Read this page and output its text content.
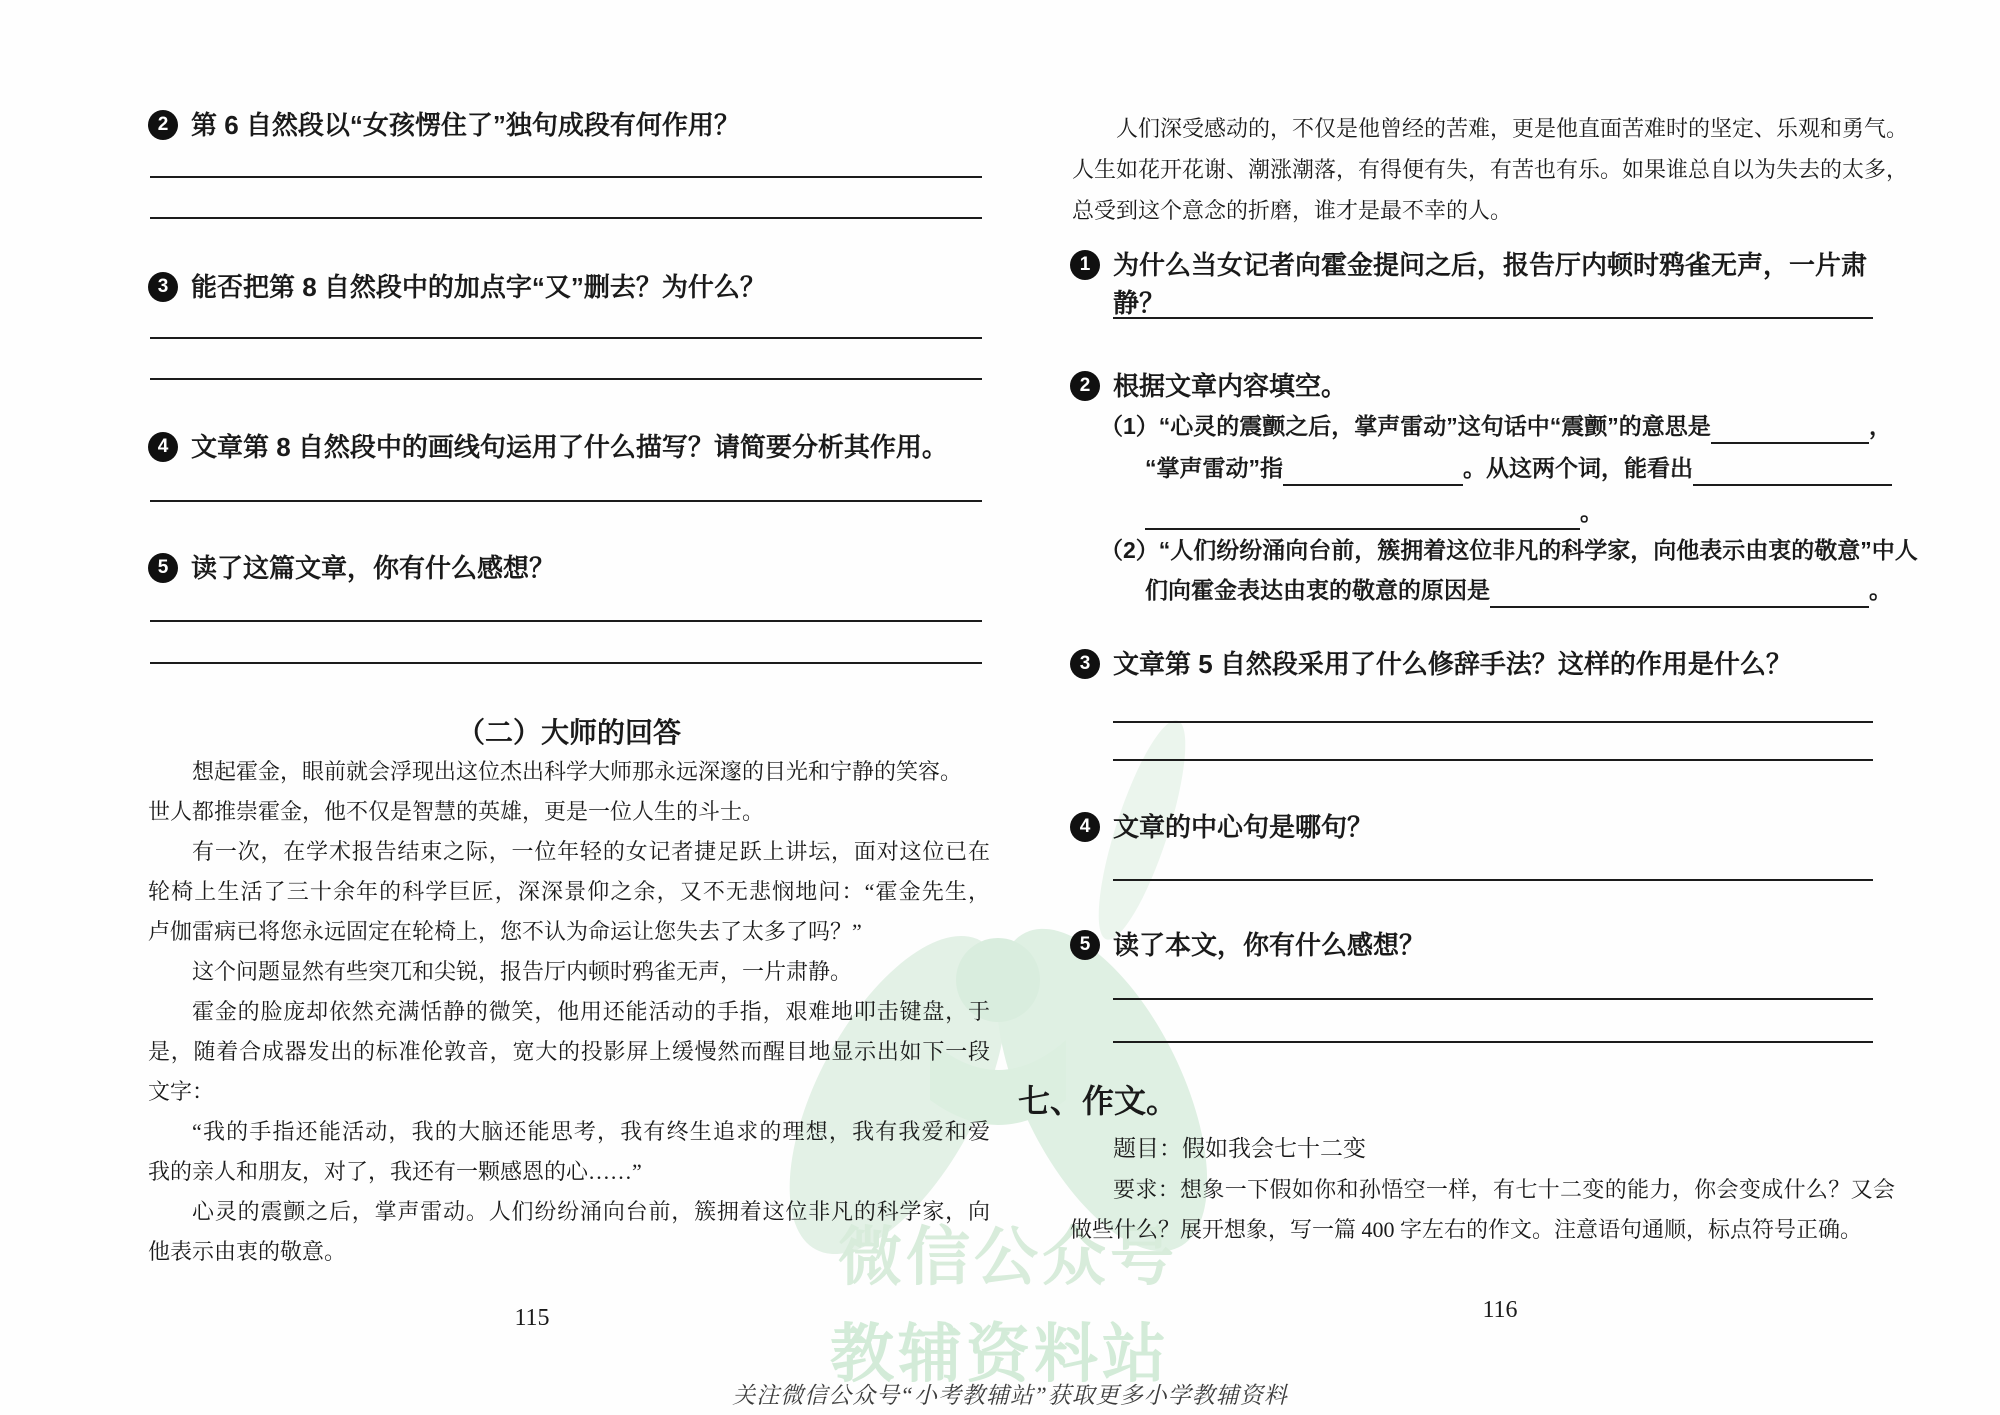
微信公众号
教辅资料站
2 第 6 自然段以“女孩愣住了”独句成段有何作用？
3 能否把第 8 自然段中的加点字“又”删去？为什么？
4 文章第 8 自然段中的画线句运用了什么描写？请简要分析其作用。
5 读了这篇文章，你有什么感想？
（二）大师的回答
想起霍金，眼前就会浮现出这位杰出科学大师那永远深邃的目光和宁静的笑容。
世人都推崇霍金，他不仅是智慧的英雄，更是一位人生的斗士。
有一次，在学术报告结束之际，一位年轻的女记者捷足跃上讲坛，面对这位已在
轮椅上生活了三十余年的科学巨匠，深深景仰之余，又不无悲悯地问：“霍金先生，
卢伽雷病已将您永远固定在轮椅上，您不认为命运让您失去了太多了吗？”
这个问题显然有些突兀和尖锐，报告厅内顿时鸦雀无声，一片肃静。
霍金的脸庞却依然充满恬静的微笑，他用还能活动的手指，艰难地叩击键盘，于
是，随着合成器发出的标准伦敦音，宽大的投影屏上缓慢然而醒目地显示出如下一段
文字：
“我的手指还能活动，我的大脑还能思考，我有终生追求的理想，我有我爱和爱
我的亲人和朋友，对了，我还有一颗感恩的心……”
心灵的震颤之后，掌声雷动。人们纷纷涌向台前，簇拥着这位非凡的科学家，向
他表示由衷的敬意。
115
人们深受感动的，不仅是他曾经的苦难，更是他直面苦难时的坚定、乐观和勇气。
人生如花开花谢、潮涨潮落，有得便有失，有苦也有乐。如果谁总自以为失去的太多，
总受到这个意念的折磨，谁才是最不幸的人。
1 为什么当女记者向霍金提问之后，报告厅内顿时鸦雀无声，一片肃静？
2 根据文章内容填空。
（1）“心灵的震颤之后，掌声雷动”这句话中“震颤”的意思是	，
“掌声雷动”指	。从这两个词，能看出
。
（2）“人们纷纷涌向台前，簇拥着这位非凡的科学家，向他表示由衷的敬意”中人
们向霍金表达由衷的敬意的原因是	。
3 文章第 5 自然段采用了什么修辞手法？这样的作用是什么？
4 文章的中心句是哪句？
5 读了本文，你有什么感想？
七、作文。
题目：假如我会七十二变
要求：想象一下假如你和孙悟空一样，有七十二变的能力，你会变成什么？又会
做些什么？展开想象，写一篇 400 字左右的作文。注意语句通顺，标点符号正确。
116
关注微信公众号“小考教辅站”获取更多小学教辅资料
